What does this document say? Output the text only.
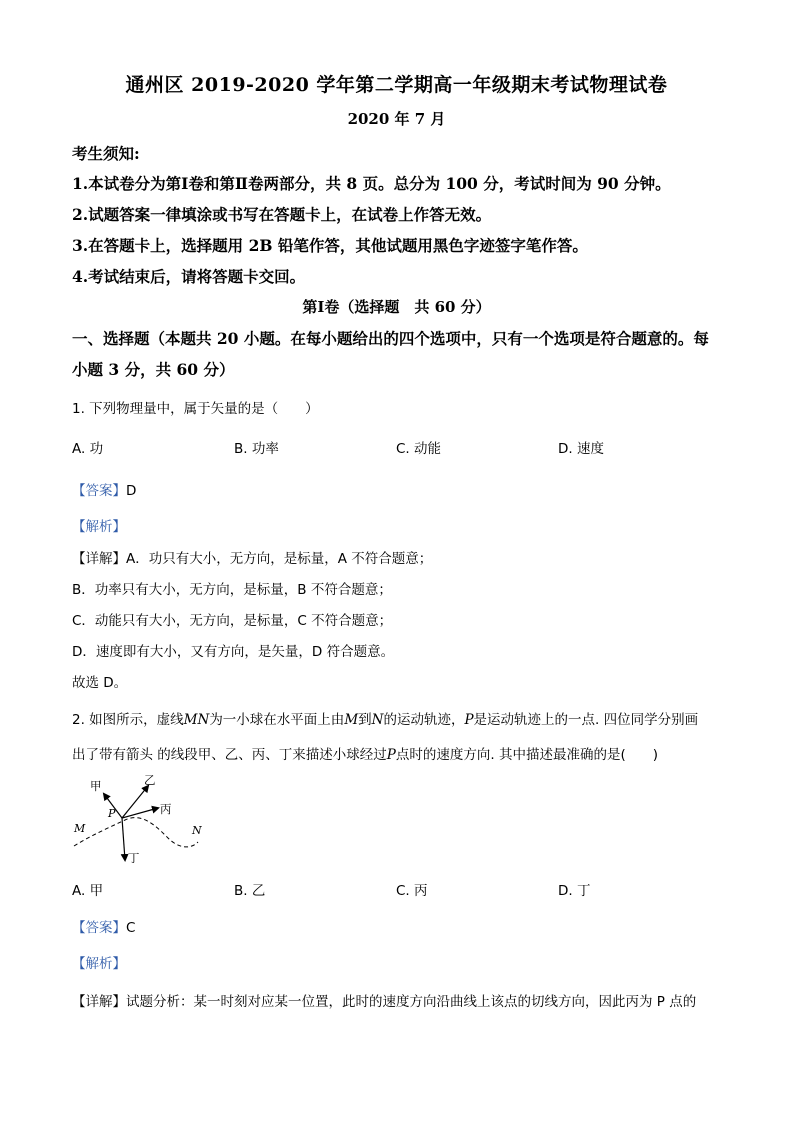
通州区 2019-2020 学年第二学期高一年级期末考试物理试卷
2020 年 7 月
考生须知:
1.本试卷分为第Ⅰ卷和第Ⅱ卷两部分，共 8 页。总分为 100 分，考试时间为 90 分钟。
2.试题答案一律填涂或书写在答题卡上，在试卷上作答无效。
3.在答题卡上，选择题用 2B 铅笔作答，其他试题用黑色字迹签字笔作答。
4.考试结束后，请将答题卡交回。
第Ⅰ卷（选择题　共 60 分）
一、选择题（本题共 20 小题。在每小题给出的四个选项中，只有一个选项是符合题意的。每
小题 3 分，共 60 分）
1. 下列物理量中，属于矢量的是（　　）
A. 功	B. 功率	C. 动能	D. 速度
【答案】D
【解析】
【详解】A．功只有大小，无方向，是标量，A 不符合题意；
B．功率只有大小，无方向，是标量，B 不符合题意；
C．动能只有大小，无方向，是标量，C 不符合题意；
D．速度即有大小，又有方向，是矢量，D 符合题意。
故选 D。
2. 如图所示，虚线MN为一小球在水平面上由M到N的运动轨迹，P是运动轨迹上的一点. 四位同学分别画
出了带有箭头 的线段甲、乙、丙、丁来描述小球经过P点时的速度方向. 其中描述最准确的是(　　)
甲	乙
丙
丁
P
M	N
A. 甲	B. 乙	C. 丙	D. 丁
【答案】C
【解析】
【详解】试题分析：某一时刻对应某一位置，此时的速度方向沿曲线上该点的切线方向，因此丙为 P 点的
